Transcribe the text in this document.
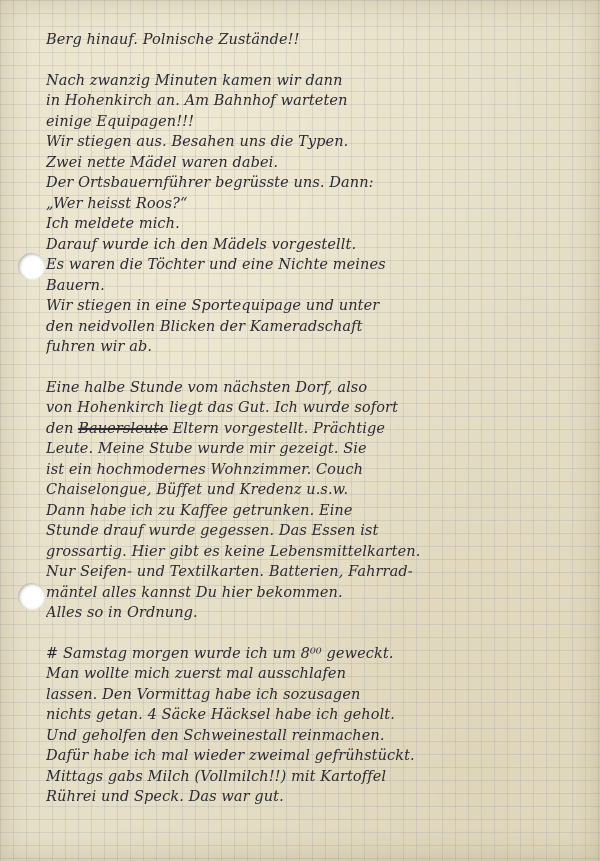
Berg hinauf. Polnische Zustände!!
Nach zwanzig Minuten kamen wir dann
in Hohenkirch an. Am Bahnhof warteten
einige Equipagen!!!
Wir stiegen aus. Besahen uns die Typen.
Zwei nette Mädel waren dabei.
Der Ortsbauernführer begrüsste uns. Dann:
„Wer heisst Roos?“
Ich meldete mich.
Darauf wurde ich den Mädels vorgestellt.
Es waren die Töchter und eine Nichte meines
Bauern.
Wir stiegen in eine Sportequipage und unter
den neidvollen Blicken der Kameradschaft
fuhren wir ab.
Eine halbe Stunde vom nächsten Dorf, also
von Hohenkirch liegt das Gut. Ich wurde sofort
den Bauersleute Eltern vorgestellt. Prächtige
Leute. Meine Stube wurde mir gezeigt. Sie
ist ein hochmodernes Wohnzimmer. Couch
Chaiselongue, Büffet und Kredenz u.s.w.
Dann habe ich zu Kaffee getrunken. Eine
Stunde drauf wurde gegessen. Das Essen ist
grossartig. Hier gibt es keine Lebensmittelkarten.
Nur Seifen- und Textilkarten. Batterien, Fahrrad-
mäntel alles kannst Du hier bekommen.
Alles so in Ordnung.
# Samstag morgen wurde ich um 8⁰⁰ geweckt.
Man wollte mich zuerst mal ausschlafen
lassen. Den Vormittag habe ich sozusagen
nichts getan. 4 Säcke Häcksel habe ich geholt.
Und geholfen den Schweinestall reinmachen.
Dafür habe ich mal wieder zweimal gefrühstückt.
Mittags gabs Milch (Vollmilch!!) mit Kartoffel
Rührei und Speck. Das war gut.
